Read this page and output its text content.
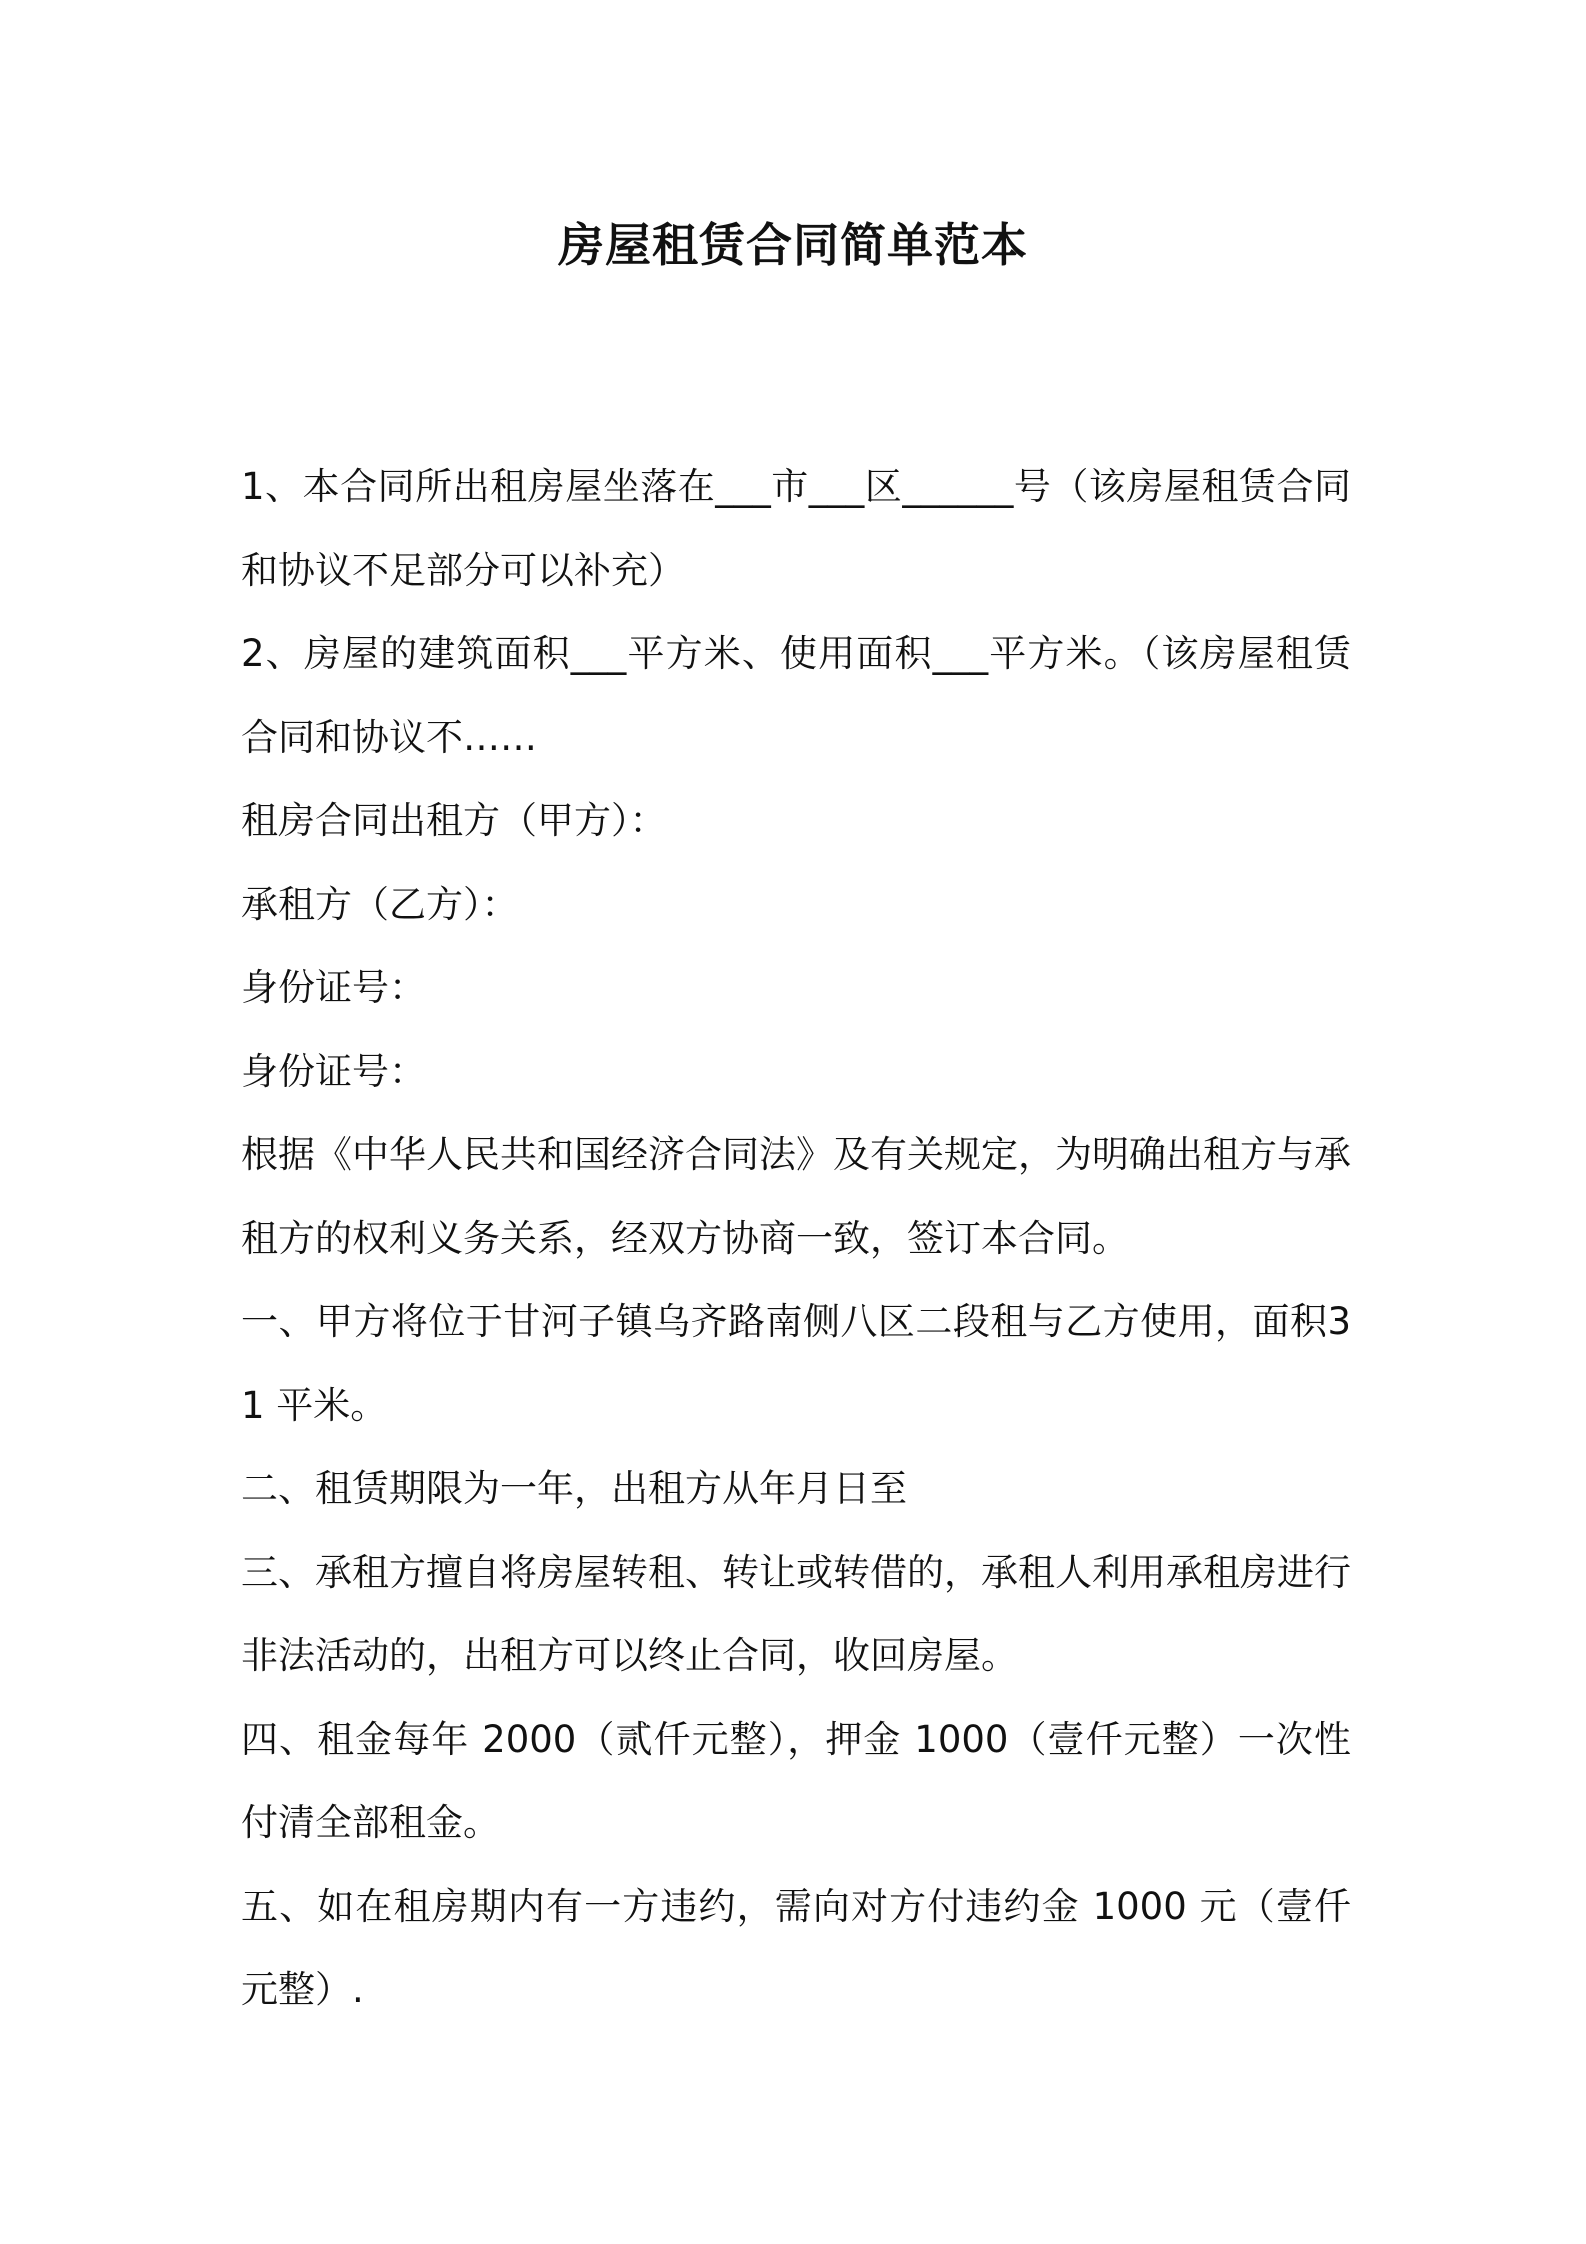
房屋租赁合同简单范本

1、本合同所出租房屋坐落在___市___区______号（该房屋租赁合同和协议不足部分可以补充）

2、房屋的建筑面积___平方米、使用面积___平方米。（该房屋租赁合同和协议不……

租房合同出租方（甲方）：

承租方（乙方）：

身份证号：

身份证号：

根据《中华人民共和国经济合同法》及有关规定，为明确出租方与承租方的权利义务关系，经双方协商一致，签订本合同。

一、甲方将位于甘河子镇乌齐路南侧八区二段租与乙方使用，面积31 平米。

二、租赁期限为一年，出租方从年月日至

三、承租方擅自将房屋转租、转让或转借的，承租人利用承租房进行非法活动的，出租方可以终止合同，收回房屋。

四、租金每年 2000（贰仟元整），押金 1000（壹仟元整）一次性付清全部租金。

五、如在租房期内有一方违约，需向对方付违约金 1000 元（壹仟元整）.
